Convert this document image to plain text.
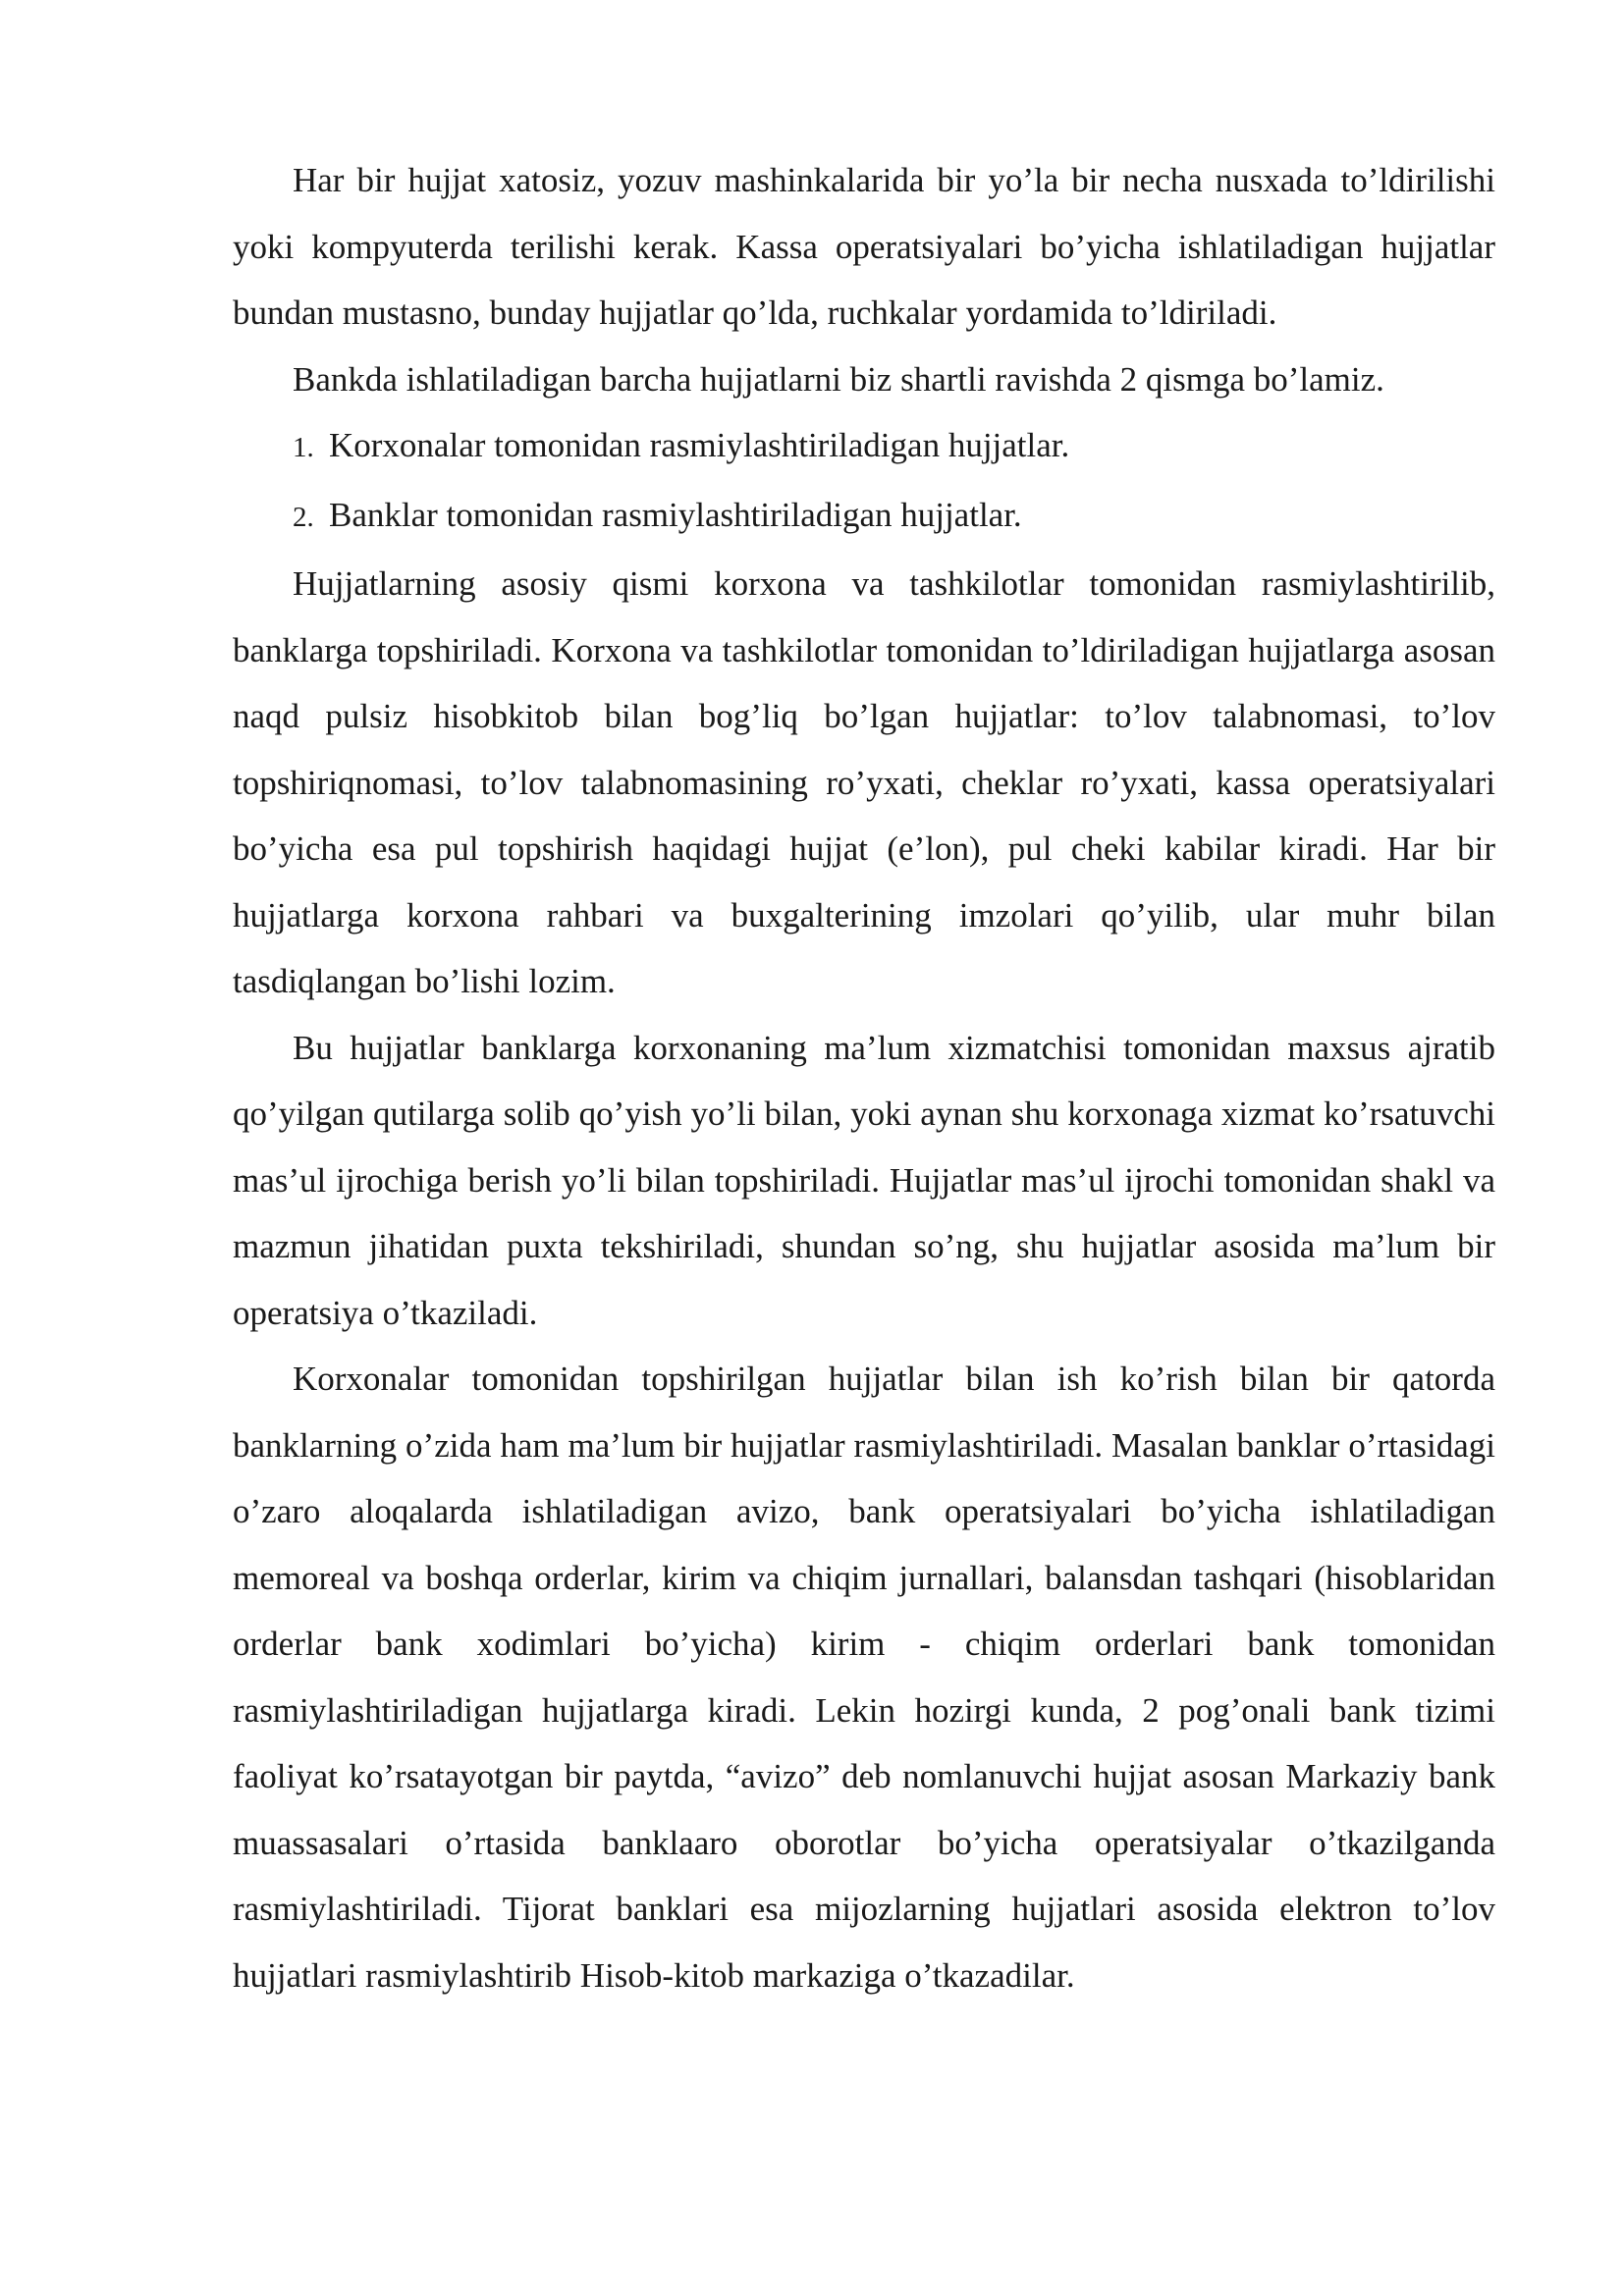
Har bir hujjat xatosiz, yozuv mashinkalarida bir yo’la bir necha nusxada to’ldirilishi yoki kompyuterda terilishi kerak. Kassa operatsiyalari bo’yicha ishlatiladigan hujjatlar bundan mustasno, bunday hujjatlar qo’lda, ruchkalar yordamida to’ldiriladi.

Bankda ishlatiladigan barcha hujjatlarni biz shartli ravishda 2 qismga bo’lamiz.

1. Korxonalar tomonidan rasmiylashtiriladigan hujjatlar.

2. Banklar tomonidan rasmiylashtiriladigan hujjatlar.

Hujjatlarning asosiy qismi korxona va tashkilotlar tomonidan rasmiylashtirilib, banklarga topshiriladi. Korxona va tashkilotlar tomonidan to’ldiriladigan hujjatlarga asosan naqd pulsiz hisobkitob bilan bog’liq bo’lgan hujjatlar: to’lov talabnomasi, to’lov topshiriqnomasi, to’lov talabnomasining ro’yxati, cheklar ro’yxati, kassa operatsiyalari bo’yicha esa pul topshirish haqidagi hujjat (e’lon), pul cheki kabilar kiradi. Har bir hujjatlarga korxona rahbari va buxgalterining imzolari qo’yilib, ular muhr bilan tasdiqlangan bo’lishi lozim.

Bu hujjatlar banklarga korxonaning ma’lum xizmatchisi tomonidan maxsus ajratib qo’yilgan qutilarga solib qo’yish yo’li bilan, yoki aynan shu korxonaga xizmat ko’rsatuvchi mas’ul ijrochiga berish yo’li bilan topshiriladi. Hujjatlar mas’ul ijrochi tomonidan shakl va mazmun jihatidan puxta tekshiriladi, shundan so’ng, shu hujjatlar asosida ma’lum bir operatsiya o’tkaziladi.

Korxonalar tomonidan topshirilgan hujjatlar bilan ish ko’rish bilan bir qatorda banklarning o’zida ham ma’lum bir hujjatlar rasmiylashtiriladi. Masalan banklar o’rtasidagi o’zaro aloqalarda ishlatiladigan avizo, bank operatsiyalari bo’yicha ishlatiladigan memoreal va boshqa orderlar, kirim va chiqim jurnallari, balansdan tashqari (hisoblaridan orderlar bank xodimlari bo’yicha) kirim - chiqim orderlari bank tomonidan rasmiylashtiriladigan hujjatlarga kiradi. Lekin hozirgi kunda, 2 pog’onali bank tizimi faoliyat ko’rsatayotgan bir paytda, “avizo” deb nomlanuvchi hujjat asosan Markaziy bank muassasalari o’rtasida banklaaro oborotlar bo’yicha operatsiyalar o’tkazilganda rasmiylashtiriladi. Tijorat banklari esa mijozlarning hujjatlari asosida elektron to’lov hujjatlari rasmiylashtirib Hisob-kitob markaziga o’tkazadilar.
